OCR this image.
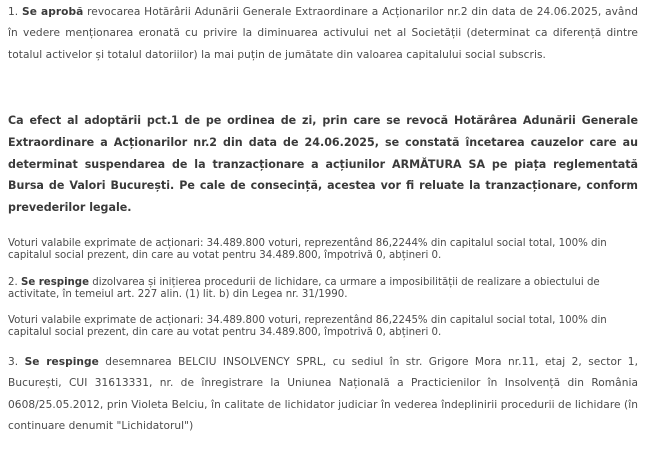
1. Se aprobă revocarea Hotărârii Adunării Generale Extraordinare a Acționarilor nr.2 din data de 24.06.2025, având în vedere menționarea eronată cu privire la diminuarea activului net al Societății (determinat ca diferență dintre totalul activelor și totalul datoriilor) la mai puțin de jumătate din valoarea capitalului social subscris.

Ca efect al adoptării pct.1 de pe ordinea de zi, prin care se revocă Hotărârea Adunării Generale Extraordinare a Acționarilor nr.2 din data de 24.06.2025, se constată încetarea cauzelor care au determinat suspendarea de la tranzacționare a acțiunilor ARMĂTURA SA pe piața reglementată Bursa de Valori București. Pe cale de consecință, acestea vor fi reluate la tranzacționare, conform prevederilor legale.

Voturi valabile exprimate de acționari: 34.489.800 voturi, reprezentând 86,2244% din capitalul social total, 100% din capitalul social prezent, din care au votat pentru 34.489.800, împotrivă 0, abțineri 0.

2. Se respinge dizolvarea și inițierea procedurii de lichidare, ca urmare a imposibilității de realizare a obiectului de activitate, în temeiul art. 227 alin. (1) lit. b) din Legea nr. 31/1990.

Voturi valabile exprimate de acționari: 34.489.800 voturi, reprezentând 86,2245% din capitalul social total, 100% din capitalul social prezent, din care au votat pentru 34.489.800, împotrivă 0, abțineri 0.

3. Se respinge desemnarea BELCIU INSOLVENCY SPRL, cu sediul în str. Grigore Mora nr.11, etaj 2, sector 1, București, CUI 31613331, nr. de înregistrare la Uniunea Națională a Practicienilor în Insolvență din România 0608/25.05.2012, prin Violeta Belciu, în calitate de lichidator judiciar în vederea îndeplinirii procedurii de lichidare (în continuare denumit "Lichidatorul")
